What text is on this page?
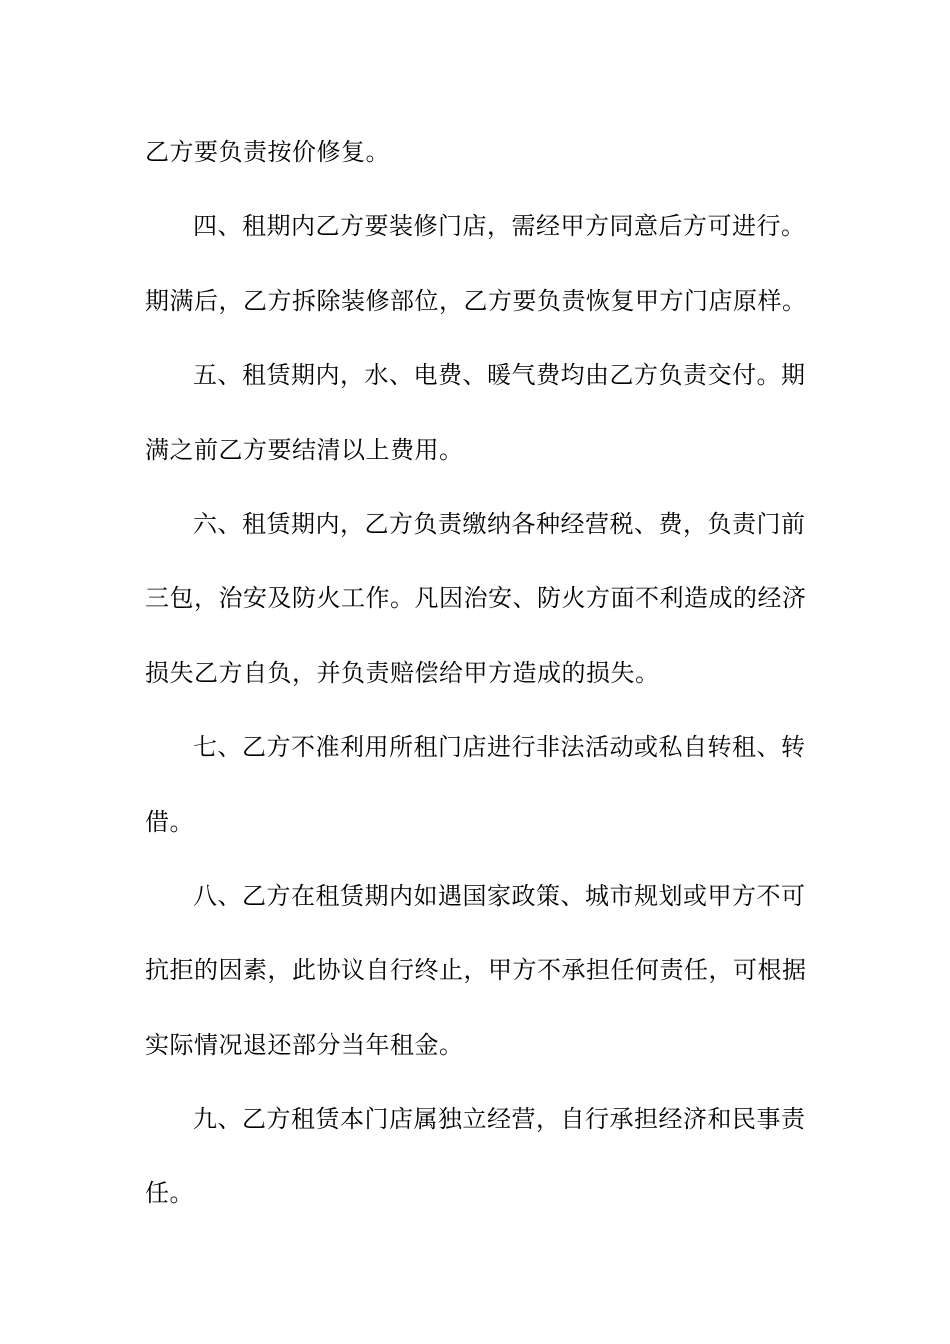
乙方要负责按价修复。
四、租期内乙方要装修门店，需经甲方同意后方可进行。
期满后，乙方拆除装修部位，乙方要负责恢复甲方门店原样。
五、租赁期内，水、电费、暖气费均由乙方负责交付。期
满之前乙方要结清以上费用。
六、租赁期内，乙方负责缴纳各种经营税、费，负责门前
三包，治安及防火工作。凡因治安、防火方面不利造成的经济
损失乙方自负，并负责赔偿给甲方造成的损失。
七、乙方不准利用所租门店进行非法活动或私自转租、转
借。
八、乙方在租赁期内如遇国家政策、城市规划或甲方不可
抗拒的因素，此协议自行终止，甲方不承担任何责任，可根据
实际情况退还部分当年租金。
九、乙方租赁本门店属独立经营，自行承担经济和民事责
任。
